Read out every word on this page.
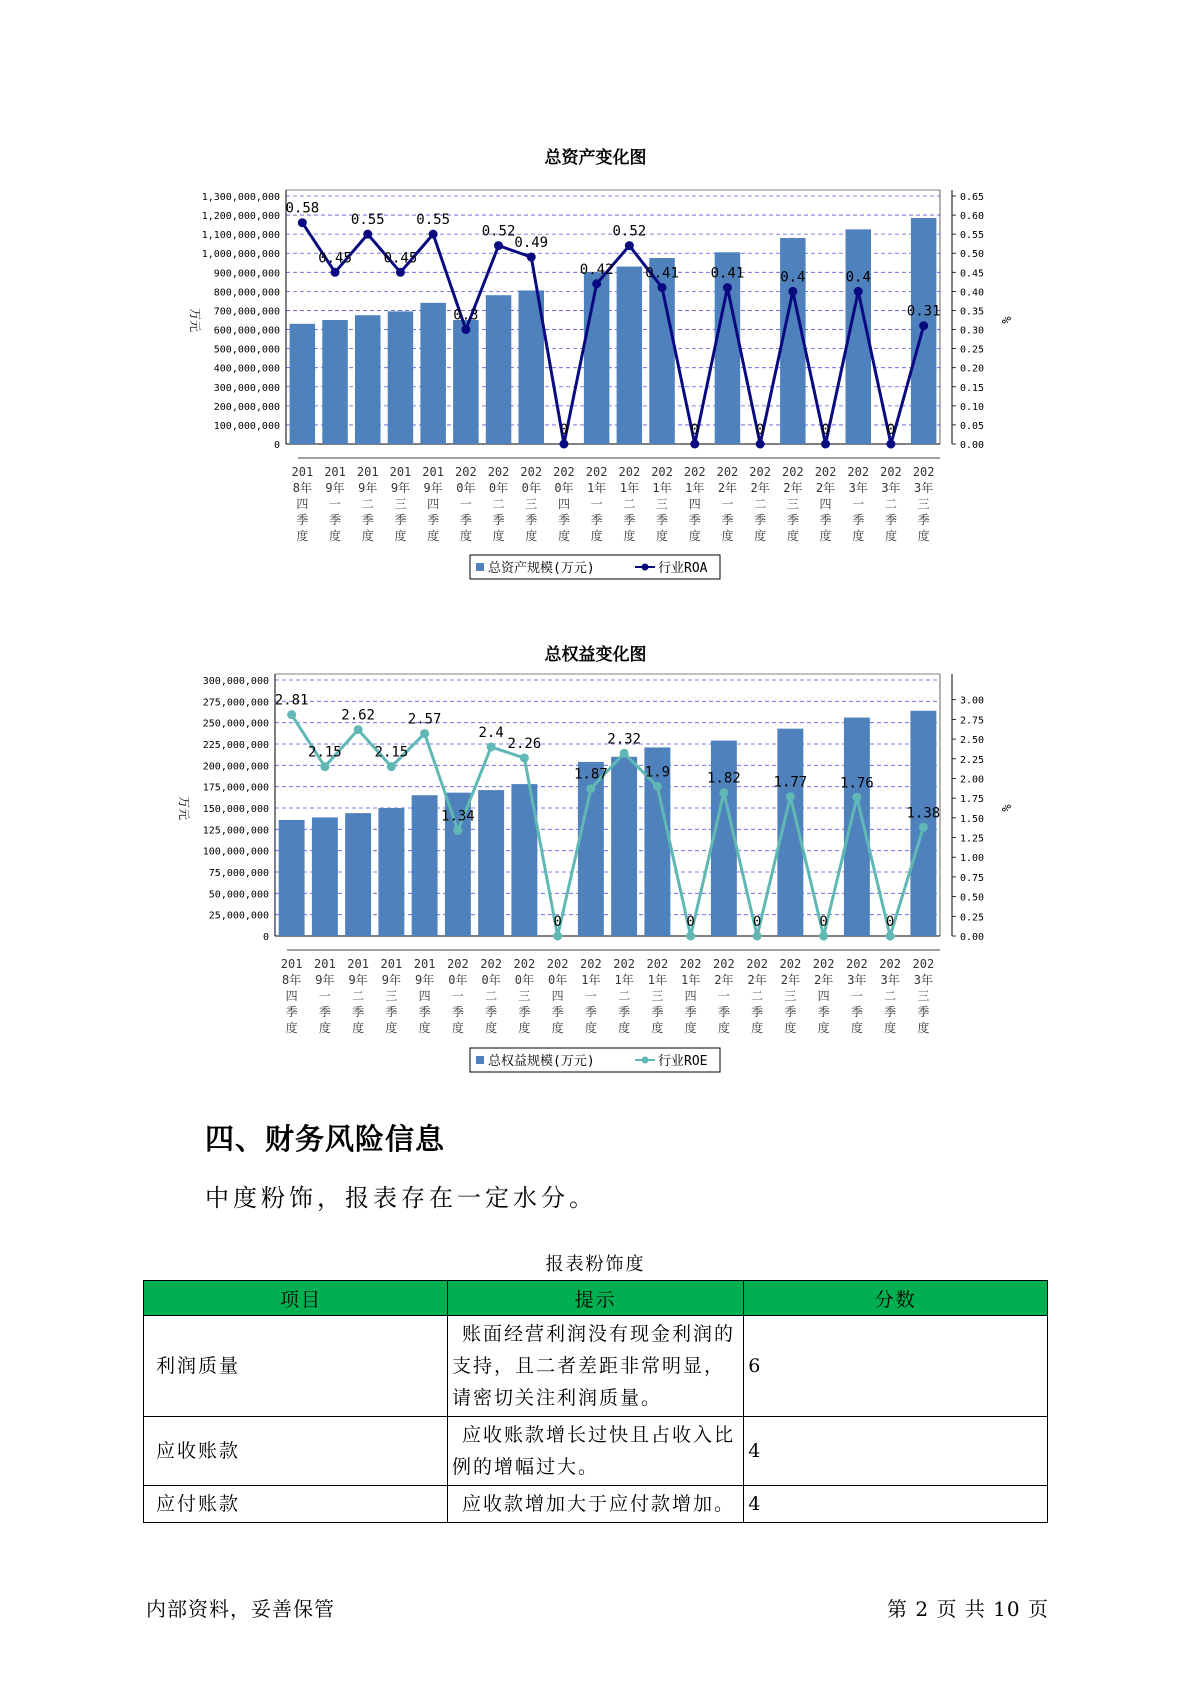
总资产变化图
0
100,000,000
200,000,000
300,000,000
400,000,000
500,000,000
600,000,000
700,000,000
800,000,000
900,000,000
1,000,000,000
1,100,000,000
1,200,000,000
1,300,000,000
0.00
0.05
0.10
0.15
0.20
0.25
0.30
0.35
0.40
0.45
0.50
0.55
0.60
0.65
万元	%
201
8年
四
季
度
201
9年
一
季
度
201
9年
二
季
度
201
9年
三
季
度
201
9年
四
季
度
202
0年
一
季
度
202
0年
二
季
度
202
0年
三
季
度
202
0年
四
季
度
202
1年
一
季
度
202
1年
二
季
度
202
1年
三
季
度
202
1年
四
季
度
202
2年
一
季
度
202
2年
二
季
度
202
2年
三
季
度
202
2年
四
季
度
202
3年
一
季
度
202
3年
二
季
度
202
3年
三
季
度
0.58
0.45
0.55
0.45
0.55
0.3
0.52
0.49
0
0.42
0.52
0.41
0
0.41
0
0.4
0
0.4
0
0.31
总资产规模(万元)	行业ROA
总权益变化图
0
25,000,000
50,000,000
75,000,000
100,000,000
125,000,000
150,000,000
175,000,000
200,000,000
225,000,000
250,000,000
275,000,000
300,000,000
0.00
0.25
0.50
0.75
1.00
1.25
1.50
1.75
2.00
2.25
2.50
2.75
3.00
万元	%
201
8年
四
季
度
201
9年
一
季
度
201
9年
二
季
度
201
9年
三
季
度
201
9年
四
季
度
202
0年
一
季
度
202
0年
二
季
度
202
0年
三
季
度
202
0年
四
季
度
202
1年
一
季
度
202
1年
二
季
度
202
1年
三
季
度
202
1年
四
季
度
202
2年
一
季
度
202
2年
二
季
度
202
2年
三
季
度
202
2年
四
季
度
202
3年
一
季
度
202
3年
二
季
度
202
3年
三
季
度
2.81
2.15
2.62
2.15
2.57
1.34
2.4
2.26
0
1.87
2.32
1.9
0
1.82
0
1.77
0
1.76
0
1.38
总权益规模(万元)	行业ROE
四、财务风险信息
中度粉饰，报表存在一定水分。
报表粉饰度
项目	提示	分数
利润质量	账面经营利润没有现金利润的支持，且二者差距非常明显，请密切关注利润质量。	6
应收账款	应收账款增长过快且占收入比例的增幅过大。	4
应付账款	应收款增加大于应付款增加。	4
内部资料，妥善保管	第 2 页 共 10 页
